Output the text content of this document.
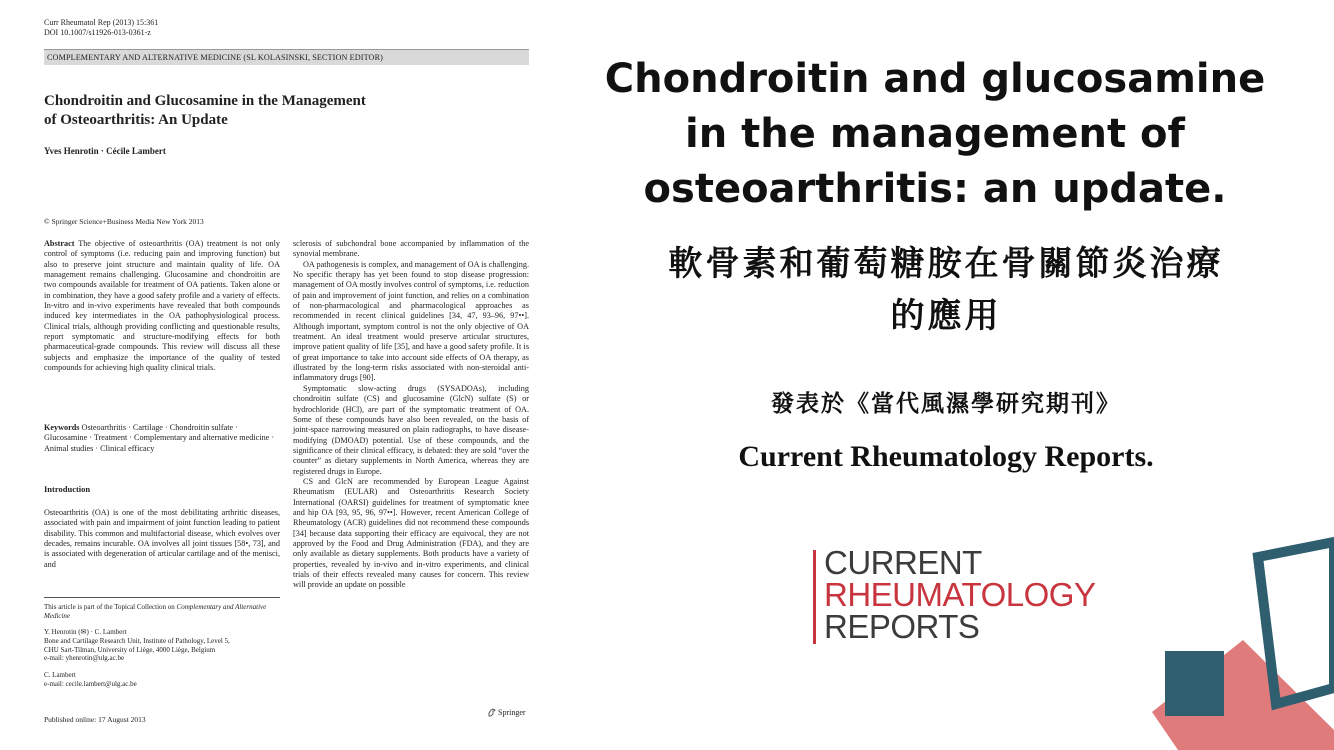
Curr Rheumatol Rep (2013) 15:361
DOI 10.1007/s11926-013-0361-z
COMPLEMENTARY AND ALTERNATIVE MEDICINE (SL KOLASINSKI, SECTION EDITOR)
Chondroitin and Glucosamine in the Management
of Osteoarthritis: An Update
Yves Henrotin · Cécile Lambert
© Springer Science+Business Media New York 2013

Abstract The objective of osteoarthritis (OA) treatment is not only control of symptoms (i.e. reducing pain and improving function) but also to preserve joint structure and maintain quality of life. OA management remains challenging. Glucosamine and chondroitin are two compounds available for treatment of OA patients. Taken alone or in combination, they have a good safety profile and a variety of effects. In-vitro and in-vivo experiments have revealed that both compounds induced key intermediates in the OA pathophysiological process. Clinical trials, although providing conflicting and questionable results, report symptomatic and structure-modifying effects for both pharmaceutical-grade compounds. This review will discuss all these subjects and emphasize the importance of the quality of tested compounds for achieving high quality clinical trials.

Keywords Osteoarthritis · Cartilage · Chondroitin sulfate · Glucosamine · Treatment · Complementary and alternative medicine · Animal studies · Clinical efficacy
Introduction
Osteoarthritis (OA) is one of the most debilitating arthritic diseases, associated with pain and impairment of joint function leading to patient disability. This common and multifactorial disease, which evolves over decades, remains incurable. OA involves all joint tissues [58•, 73], and is associated with degeneration of articular cartilage and of the menisci, and
This article is part of the Topical Collection on Complementary and Alternative Medicine
Y. Henrotin (✉) · C. Lambert
Bone and Cartilage Research Unit, Institute of Pathology, Level 5,
CHU Sart-Tilman, University of Liège, 4000 Liège, Belgium
e-mail: yhenrotin@ulg.ac.be
C. Lambert
e-mail: cecile.lambert@ulg.ac.be
Published online: 17 August 2013

sclerosis of subchondral bone accompanied by inflammation of the synovial membrane.

OA pathogenesis is complex, and management of OA is challenging. No specific therapy has yet been found to stop disease progression: management of OA mostly involves control of symptoms, i.e. reduction of pain and improvement of joint function, and relies on a combination of non-pharmacological and pharmacological approaches as recommended in recent clinical guidelines [34, 47, 93–96, 97••]. Although important, symptom control is not the only objective of OA treatment. An ideal treatment would preserve articular structures, improve patient quality of life [35], and have a good safety profile. It is of great importance to take into account side effects of OA therapy, as illustrated by the long-term risks associated with non-steroidal anti-inflammatory drugs [90].

Symptomatic slow-acting drugs (SYSADOAs), including chondroitin sulfate (CS) and glucosamine (GlcN) sulfate (S) or hydrochloride (HCl), are part of the symptomatic treatment of OA. Some of these compounds have also been revealed, on the basis of joint-space narrowing measured on plain radiographs, to have disease-modifying (DMOAD) potential. Use of these compounds, and the significance of their clinical efficacy, is debated: they are sold “over the counter” as dietary supplements in North America, whereas they are registered drugs in Europe.

CS and GlcN are recommended by European League Against Rheumatism (EULAR) and Osteoarthritis Research Society International (OARSI) guidelines for treatment of symptomatic knee and hip OA [93, 95, 96, 97••]. However, recent American College of Rheumatology (ACR) guidelines did not recommend these compounds [34] because data supporting their efficacy are equivocal, they are not approved by the Food and Drug Administration (FDA), and they are only available as dietary supplements. Both products have a variety of properties, revealed by in-vivo and in-vitro experiments, and clinical trials of their effects revealed many causes for concern. This review will provide an update on possible

Springer
Chondroitin and glucosamine
in the management of
osteoarthritis: an update.
軟骨素和葡萄糖胺在骨關節炎治療
的應用
發表於《當代風濕學研究期刊》
Current Rheumatology Reports.
CURRENT
RHEUMATOLOGY
REPORTS
